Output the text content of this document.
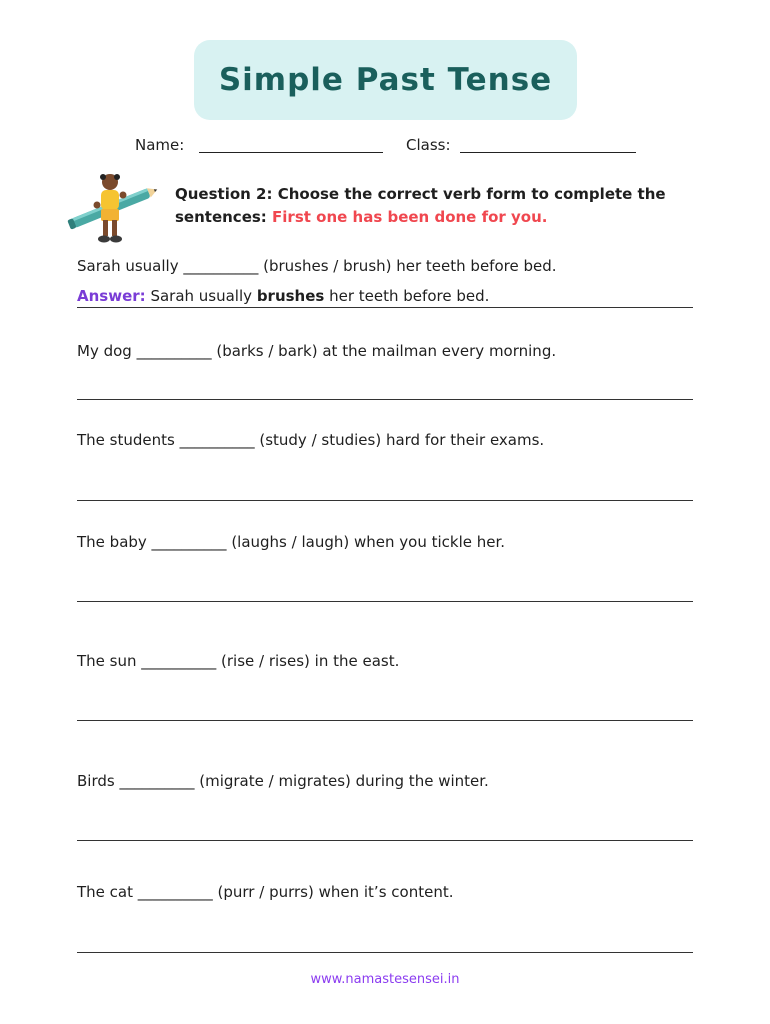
Simple Past Tense
Name:	Class:
Question 2: Choose the correct verb form to complete the sentences: First one has been done for you.
Sarah usually __________ (brushes / brush) her teeth before bed.
Answer: Sarah usually brushes her teeth before bed.
My dog __________ (barks / bark) at the mailman every morning.
The students __________ (study / studies) hard for their exams.
The baby __________ (laughs / laugh) when you tickle her.
The sun __________ (rise / rises) in the east.
Birds __________ (migrate / migrates) during the winter.
The cat __________ (purr / purrs) when it’s content.
www.namastesensei.in
